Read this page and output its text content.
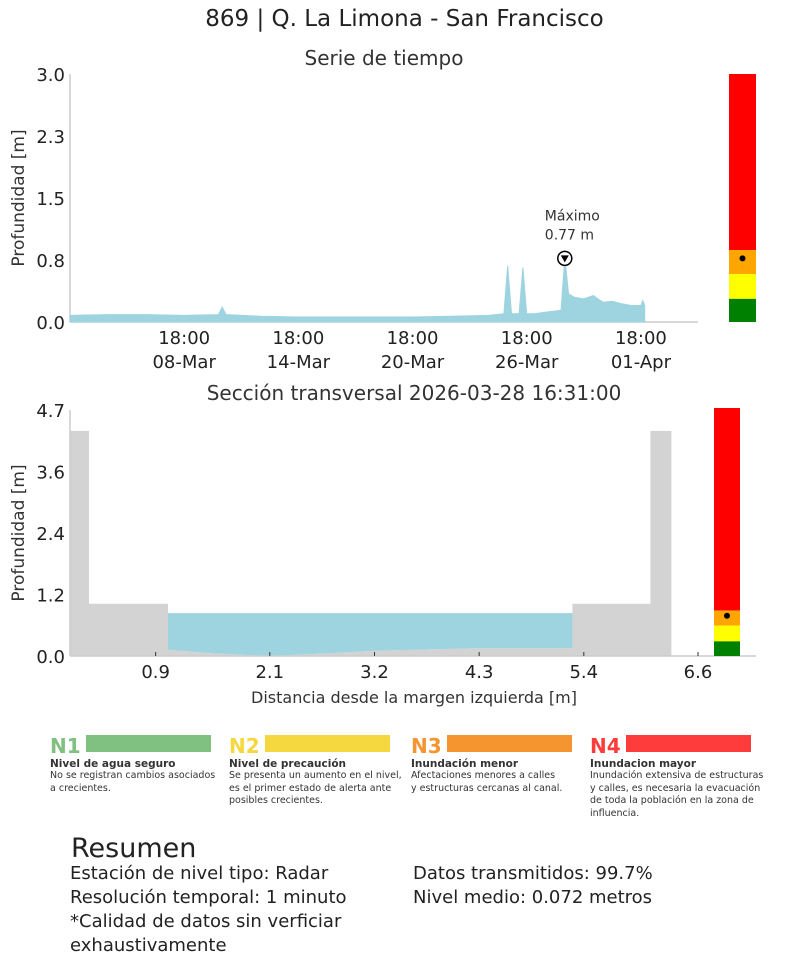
869 | Q. La Limona - San Francisco
Serie de tiempo
0.0
0.8
1.5
2.3
3.0
Profundidad [m]
18:00
08-Mar
18:00
14-Mar
18:00
20-Mar
18:00
26-Mar
18:00
01-Apr
Máximo
0.77 m
Sección transversal 2026-03-28 16:31:00
0.0
1.2
2.4
3.6
4.7
Profundidad [m]
0.9	2.1	3.2	4.3	5.4	6.6
Distancia desde la margen izquierda [m]
N1
Nivel de agua seguro
No se registran cambios asociados
a crecientes.
N2
Nivel de precaución
Se presenta un aumento en el nivel,
es el primer estado de alerta ante
posibles crecientes.
N3
Inundación menor
Afectaciones menores a calles
y estructuras cercanas al canal.
N4
Inundacion mayor
Inundación extensiva de estructuras
y calles, es necesaria la evacuación
de toda la población en la zona de
influencia.
Resumen
Estación de nivel tipo: Radar
Resolución temporal: 1 minuto
*Calidad de datos sin verficiar
exhaustivamente
Datos transmitidos: 99.7%
Nivel medio: 0.072 metros
